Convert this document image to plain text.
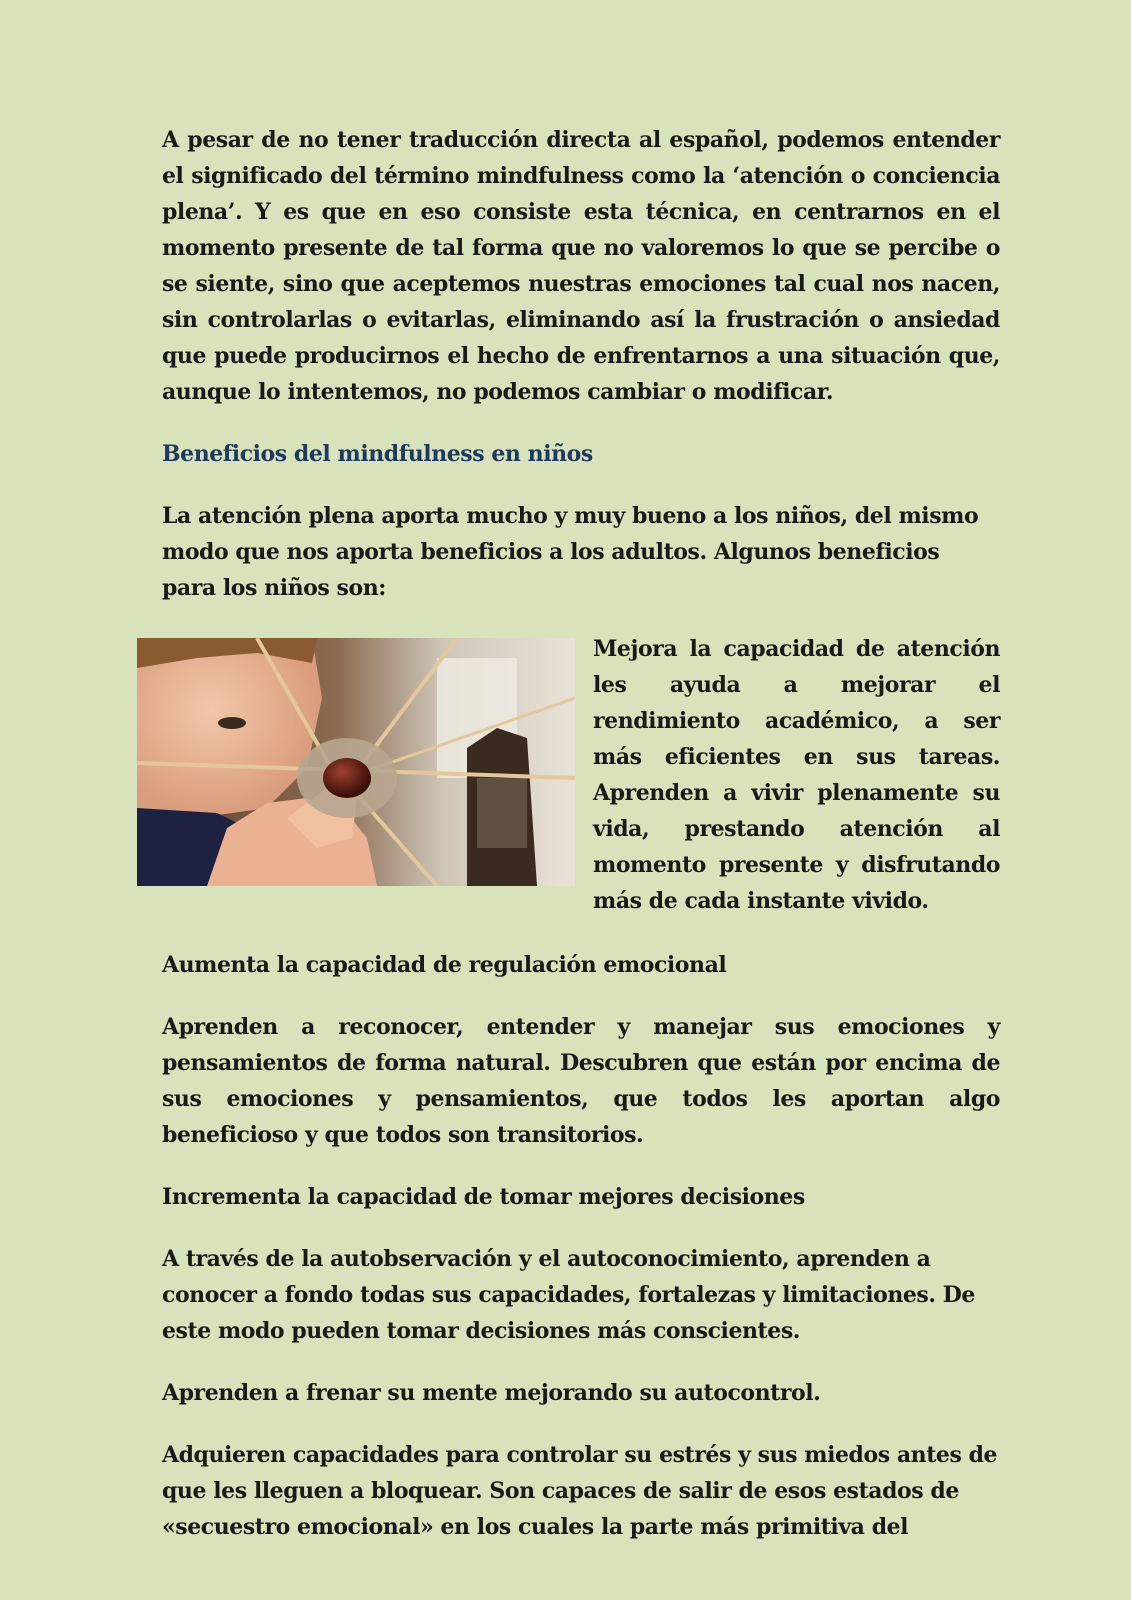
A pesar de no tener traducción directa al español, podemos entender el significado del término mindfulness como la ‘atención o conciencia plena’. Y es que en eso consiste esta técnica, en centrarnos en el momento presente de tal forma que no valoremos lo que se percibe o se siente, sino que aceptemos nuestras emociones tal cual nos nacen, sin controlarlas o evitarlas, eliminando así la frustración o ansiedad que puede producirnos el hecho de enfrentarnos a una situación que, aunque lo intentemos, no podemos cambiar o modificar.

Beneficios del mindfulness en niños

La atención plena aporta mucho y muy bueno a los niños, del mismo modo que nos aporta beneficios a los adultos. Algunos beneficios para los niños son:

Mejora la capacidad de atención les ayuda a mejorar el rendimiento académico, a ser más eficientes en sus tareas. Aprenden a vivir plenamente su vida, prestando atención al momento presente y disfrutando más de cada instante vivido.

Aumenta la capacidad de regulación emocional

Aprenden a reconocer, entender y manejar sus emociones y pensamientos de forma natural. Descubren que están por encima de sus emociones y pensamientos, que todos les aportan algo beneficioso y que todos son transitorios.

Incrementa la capacidad de tomar mejores decisiones

A través de la autobservación y el autoconocimiento, aprenden a conocer a fondo todas sus capacidades, fortalezas y limitaciones. De este modo pueden tomar decisiones más conscientes.

Aprenden a frenar su mente mejorando su autocontrol.

Adquieren capacidades para controlar su estrés y sus miedos antes de que les lleguen a bloquear. Son capaces de salir de esos estados de «secuestro emocional» en los cuales la parte más primitiva del
